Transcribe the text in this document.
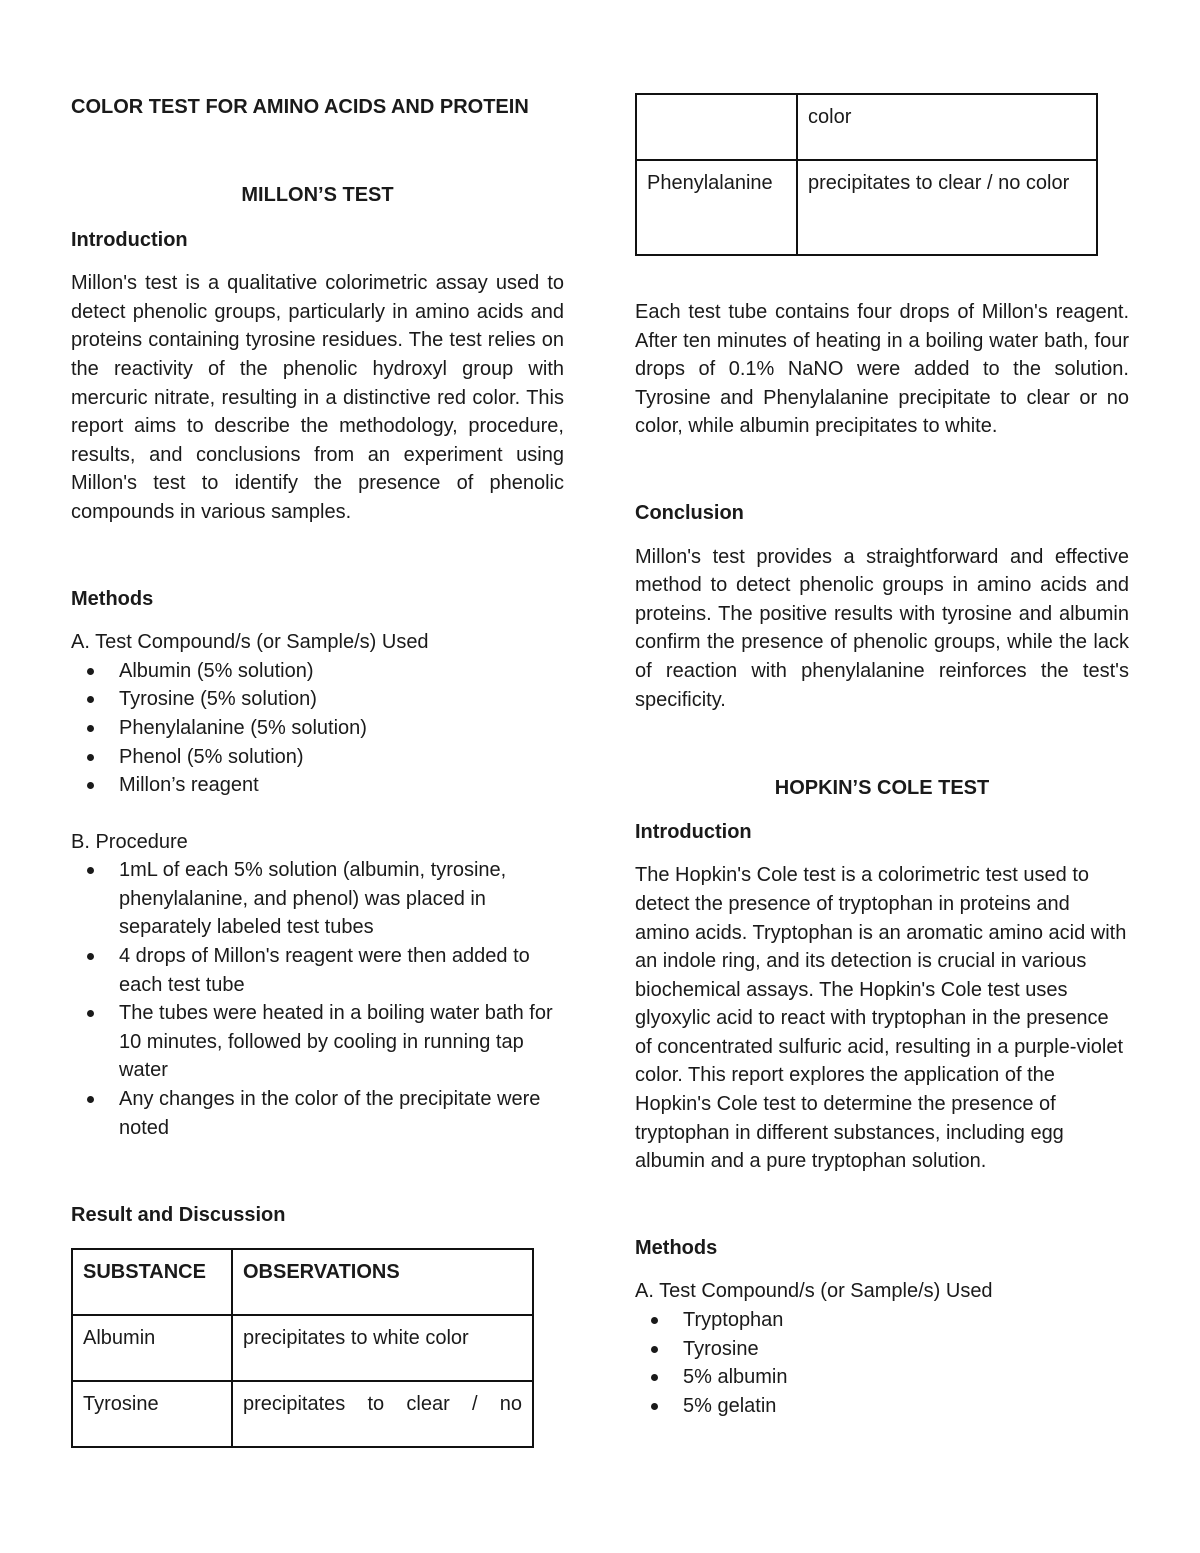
COLOR TEST FOR AMINO ACIDS AND PROTEIN
MILLON’S TEST
Introduction

Millon's test is a qualitative colorimetric assay used to detect phenolic groups, particularly in amino acids and proteins containing tyrosine residues. The test relies on the reactivity of the phenolic hydroxyl group with mercuric nitrate, resulting in a distinctive red color. This report aims to describe the methodology, procedure, results, and conclusions from an experiment using Millon's test to identify the presence of phenolic compounds in various samples.

Methods

A. Test Compound/s (or Sample/s) Used

Albumin (5% solution)
Tyrosine (5% solution)
Phenylalanine (5% solution)
Phenol (5% solution)
Millon’s reagent

B. Procedure

1mL of each 5% solution (albumin, tyrosine, phenylalanine, and phenol) was placed in separately labeled test tubes
4 drops of Millon's reagent were then added to each test tube
The tubes were heated in a boiling water bath for 10 minutes, followed by cooling in running tap water
Any changes in the color of the precipitate were noted
Result and Discussion
SUBSTANCE	OBSERVATIONS
Albumin	precipitates to white color
Tyrosine	precipitates to clear / no
	color
Phenylalanine	precipitates to clear / no color

Each test tube contains four drops of Millon's reagent. After ten minutes of heating in a boiling water bath, four drops of 0.1% NaNO were added to the solution. Tyrosine and Phenylalanine precipitate to clear or no color, while albumin precipitates to white.

Conclusion

Millon's test provides a straightforward and effective method to detect phenolic groups in amino acids and proteins. The positive results with tyrosine and albumin confirm the presence of phenolic groups, while the lack of reaction with phenylalanine reinforces the test's specificity.

HOPKIN’S COLE TEST
Introduction

The Hopkin's Cole test is a colorimetric test used to detect the presence of tryptophan in proteins and amino acids. Tryptophan is an aromatic amino acid with an indole ring, and its detection is crucial in various biochemical assays. The Hopkin's Cole test uses glyoxylic acid to react with tryptophan in the presence of concentrated sulfuric acid, resulting in a purple-violet color. This report explores the application of the Hopkin's Cole test to determine the presence of tryptophan in different substances, including egg albumin and a pure tryptophan solution.

Methods

A. Test Compound/s (or Sample/s) Used

Tryptophan
Tyrosine
5% albumin
5% gelatin
